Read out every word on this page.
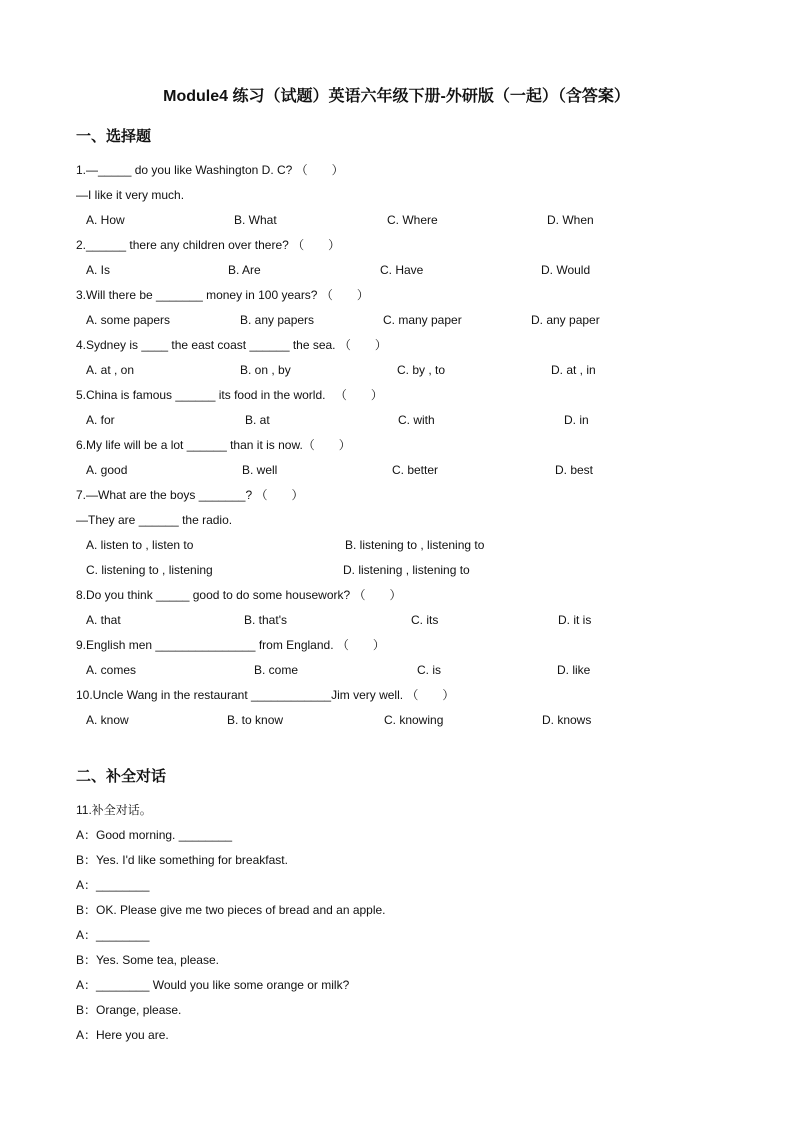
Module4 练习（试题）英语六年级下册-外研版（一起）（含答案）
一、选择题
1.—_____ do you like Washington D. C? （　　）
—I like it very much.
A. How	B. What	C. Where	D. When
2.______ there any children over there? （　　）
A. Is	B. Are	C. Have	D. Would
3.Will there be _______ money in 100 years? （　　）
A. some papers	B. any papers	C. many paper	D. any paper
4.Sydney is ____ the east coast ______ the sea. （　　）
A. at , on	B. on , by	C. by , to	D. at , in
5.China is famous ______ its food in the world. 　（　　）
A. for	B. at	C. with	D. in
6.My life will be a lot ______ than it is now.（　　）
A. good	B. well	C. better	D. best
7.—What are the boys _______? （　　）
—They are ______ the radio.
A. listen to , listen to	B. listening to , listening to
C. listening to , listening	D. listening , listening to
8.Do you think _____ good to do some housework? （　　）
A. that	B. that's	C. its	D. it is
9.English men _______________ from England. （　　）
A. comes	B. come	C. is	D. like
10.Uncle Wang in the restaurant ____________Jim very well. （　　）
A. know	B. to know	C. knowing	D. knows
二、补全对话
11.补全对话。
A：Good morning. ________
B：Yes. I'd like something for breakfast.
A：________
B：OK. Please give me two pieces of bread and an apple.
A：________
B：Yes. Some tea, please.
A：________ Would you like some orange or milk?
B：Orange, please.
A：Here you are.
